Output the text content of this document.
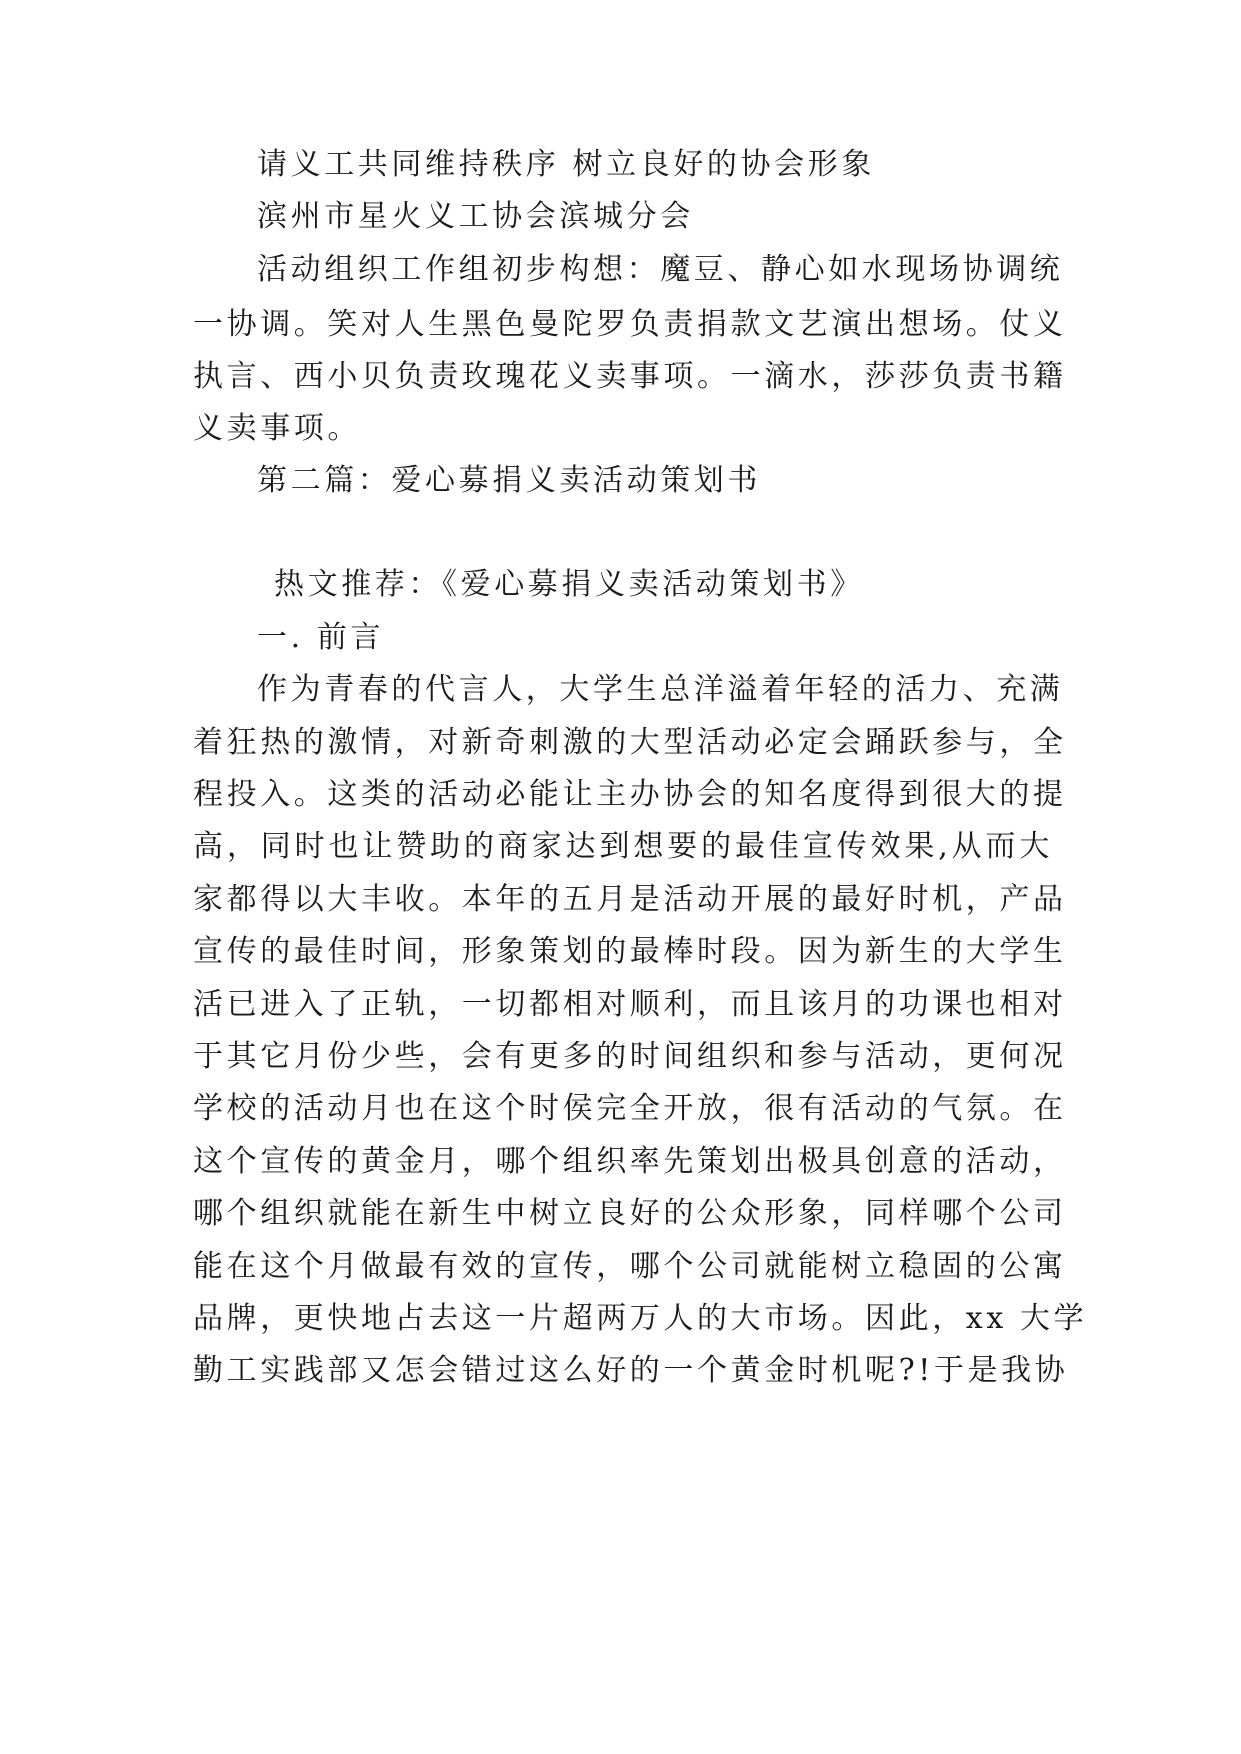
请义工共同维持秩序 树立良好的协会形象
滨州市星火义工协会滨城分会
活动组织工作组初步构想：魔豆、静心如水现场协调统
一协调。笑对人生黑色曼陀罗负责捐款文艺演出想场。仗义
执言、西小贝负责玫瑰花义卖事项。一滴水，莎莎负责书籍
义卖事项。
第二篇：爱心募捐义卖活动策划书
热文推荐：《爱心募捐义卖活动策划书》
一. 前言
作为青春的代言人，大学生总洋溢着年轻的活力、充满
着狂热的激情，对新奇刺激的大型活动必定会踊跃参与，全
程投入。这类的活动必能让主办协会的知名度得到很大的提
高，同时也让赞助的商家达到想要的最佳宣传效果,从而大
家都得以大丰收。本年的五月是活动开展的最好时机，产品
宣传的最佳时间，形象策划的最棒时段。因为新生的大学生
活已进入了正轨，一切都相对顺利，而且该月的功课也相对
于其它月份少些，会有更多的时间组织和参与活动，更何况
学校的活动月也在这个时侯完全开放，很有活动的气氛。在
这个宣传的黄金月，哪个组织率先策划出极具创意的活动，
哪个组织就能在新生中树立良好的公众形象，同样哪个公司
能在这个月做最有效的宣传，哪个公司就能树立稳固的公寓
品牌，更快地占去这一片超两万人的大市场。因此，xx 大学
勤工实践部又怎会错过这么好的一个黄金时机呢?!于是我协
